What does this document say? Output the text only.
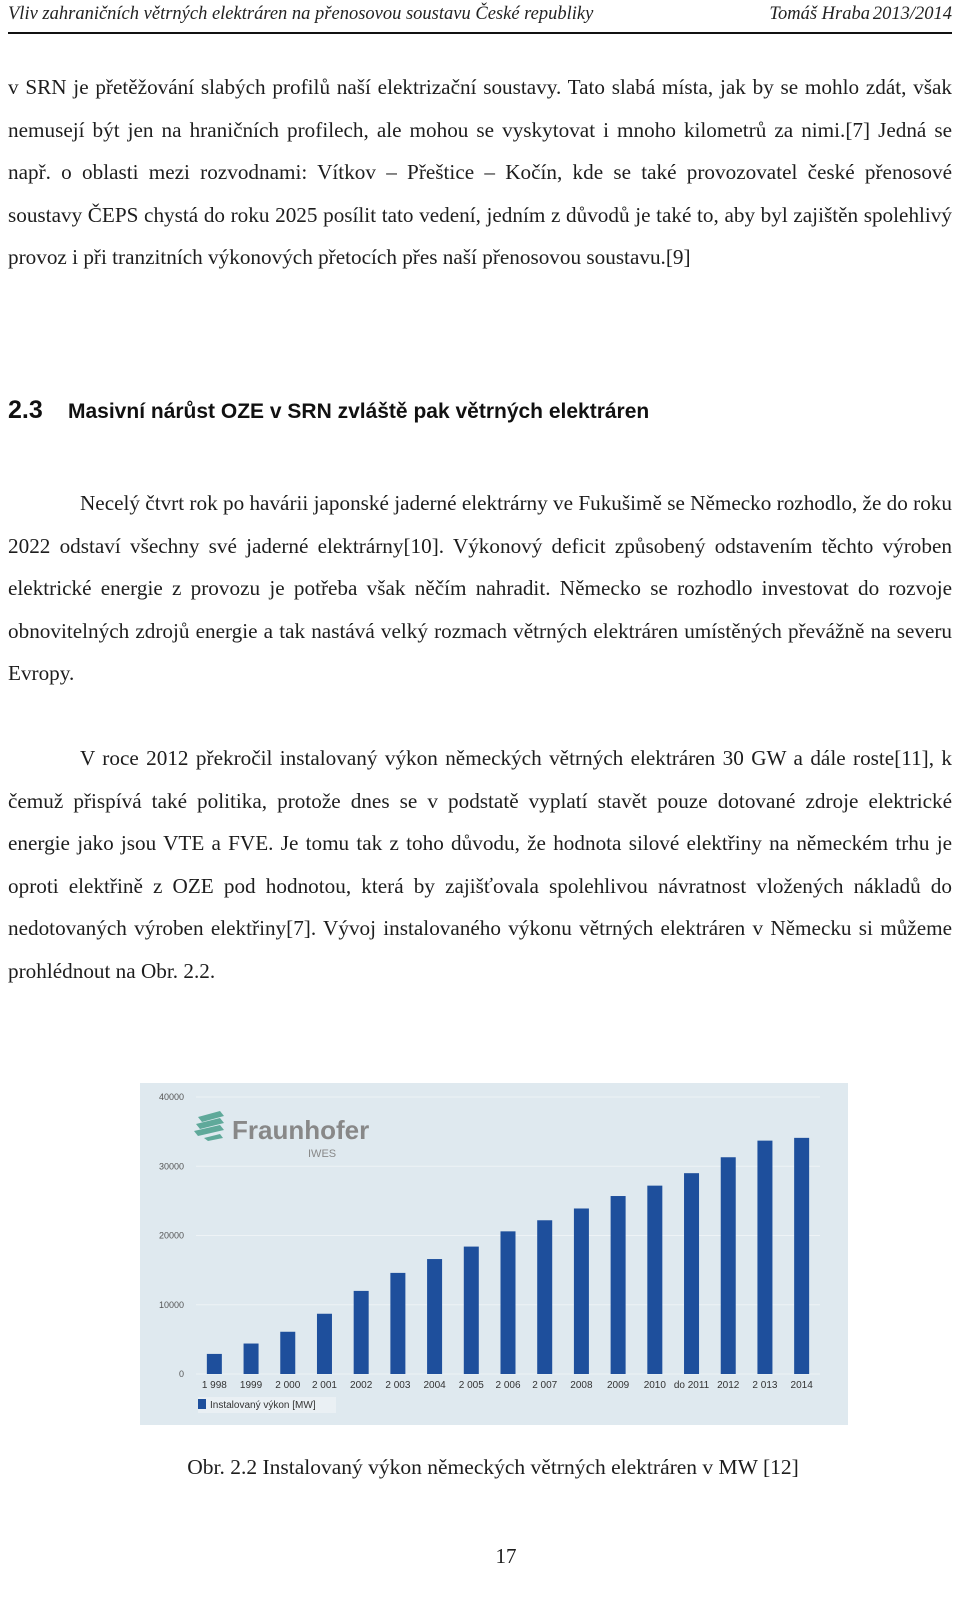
Vliv zahraničních větrných elektráren na přenosovou soustavu České republiky	Tomáš Hraba 2013/2014
v SRN je přetěžování slabých profilů naší elektrizační soustavy. Tato slabá místa, jak by se mohlo zdát, však nemusejí být jen na hraničních profilech, ale mohou se vyskytovat i mnoho kilometrů za nimi.[7] Jedná se např. o oblasti mezi rozvodnami: Vítkov – Přeštice – Kočín, kde se také provozovatel české přenosové soustavy ČEPS chystá do roku 2025 posílit tato vedení, jedním z důvodů je také to, aby byl zajištěn spolehlivý provoz i při tranzitních výkonových přetocích přes naší přenosovou soustavu.[9]
2.3 Masivní nárůst OZE v SRN zvláště pak větrných elektráren
Necelý čtvrt rok po havárii japonské jaderné elektrárny ve Fukušimě se Německo rozhodlo, že do roku 2022 odstaví všechny své jaderné elektrárny[10]. Výkonový deficit způsobený odstavením těchto výroben elektrické energie z provozu je potřeba však něčím nahradit. Německo se rozhodlo investovat do rozvoje obnovitelných zdrojů energie a tak nastává velký rozmach větrných elektráren umístěných převážně na severu Evropy.
V roce 2012 překročil instalovaný výkon německých větrných elektráren 30 GW a dále roste[11], k čemuž přispívá také politika, protože dnes se v podstatě vyplatí stavět pouze dotované zdroje elektrické energie jako jsou VTE a FVE. Je tomu tak z toho důvodu, že hodnota silové elektřiny na německém trhu je oproti elektřině z OZE pod hodnotou, která by zajišťovala spolehlivou návratnost vložených nákladů do nedotovaných výroben elektřiny[7]. Vývoj instalovaného výkonu větrných elektráren v Německu si můžeme prohlédnout na Obr. 2.2.
0
10000
20000
30000
40000
1 998 1999 2 000 2 001 2002 2 003 2004 2 005 2 006 2 007 2008 2009 2010 do 2011 2012 2 013 2014
Fraunhofer
IWES
Instalovaný výkon [MW]
Obr. 2.2 Instalovaný výkon německých větrných elektráren v MW [12]
17
